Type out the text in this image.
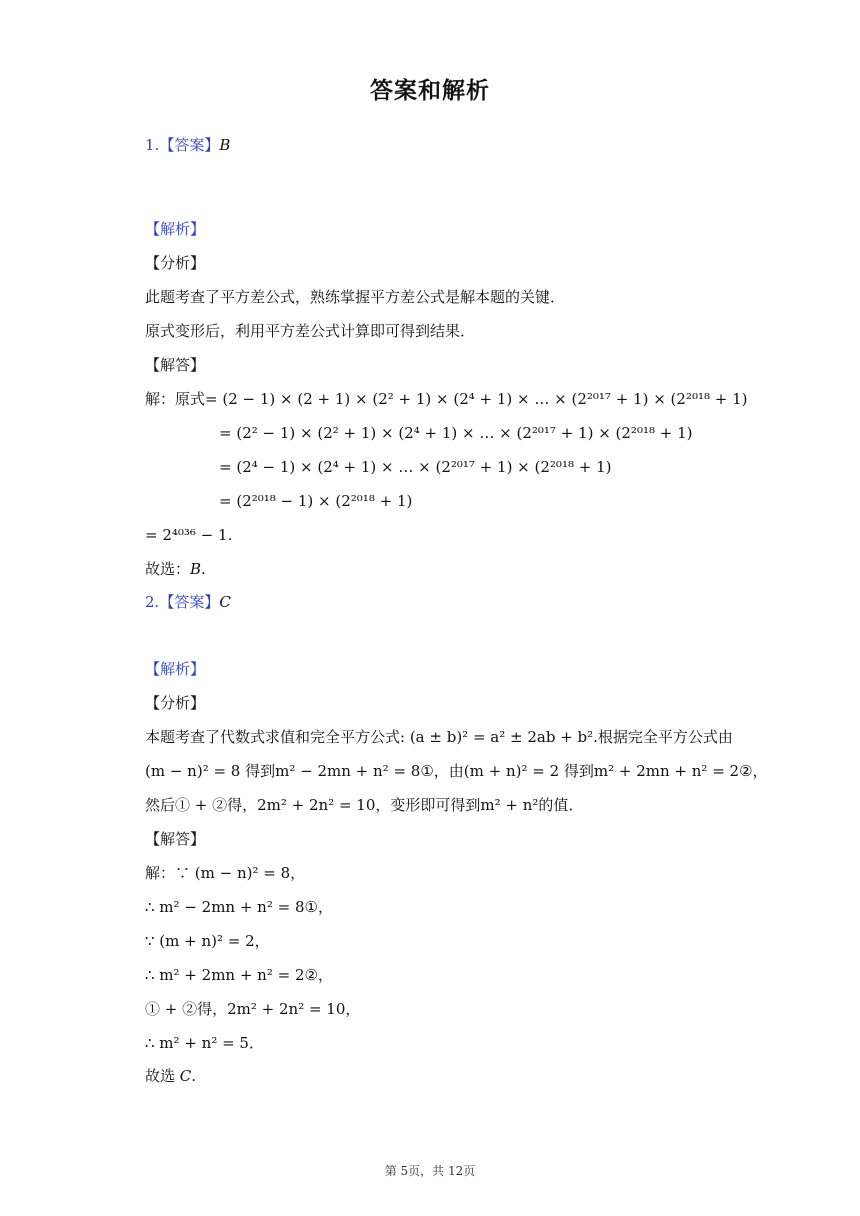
答案和解析
1.【答案】B
【解析】
【分析】
此题考查了平方差公式，熟练掌握平方差公式是解本题的关键．
原式变形后，利用平方差公式计算即可得到结果．
【解答】
解：原式= (2 − 1) × (2 + 1) × (2² + 1) × (2⁴ + 1) × … × (2²⁰¹⁷ + 1) × (2²⁰¹⁸ + 1)
= (2² − 1) × (2² + 1) × (2⁴ + 1) × … × (2²⁰¹⁷ + 1) × (2²⁰¹⁸ + 1)
= (2⁴ − 1) × (2⁴ + 1) × … × (2²⁰¹⁷ + 1) × (2²⁰¹⁸ + 1)
= (2²⁰¹⁸ − 1) × (2²⁰¹⁸ + 1)
= 2⁴⁰³⁶ − 1.
故选：B.
2.【答案】C
【解析】
【分析】
本题考查了代数式求值和完全平方公式: (a ± b)² = a² ± 2ab + b².根据完全平方公式由
(m − n)² = 8 得到m² − 2mn + n² = 8①，由(m + n)² = 2 得到m² + 2mn + n² = 2②，
然后① + ②得，2m² + 2n² = 10，变形即可得到m² + n²的值．
【解答】
解：∵ (m − n)² = 8，
∴ m² − 2mn + n² = 8①，
∵ (m + n)² = 2，
∴ m² + 2mn + n² = 2②，
① + ②得，2m² + 2n² = 10，
∴ m² + n² = 5．
故选 C.
第 5页，共 12页
